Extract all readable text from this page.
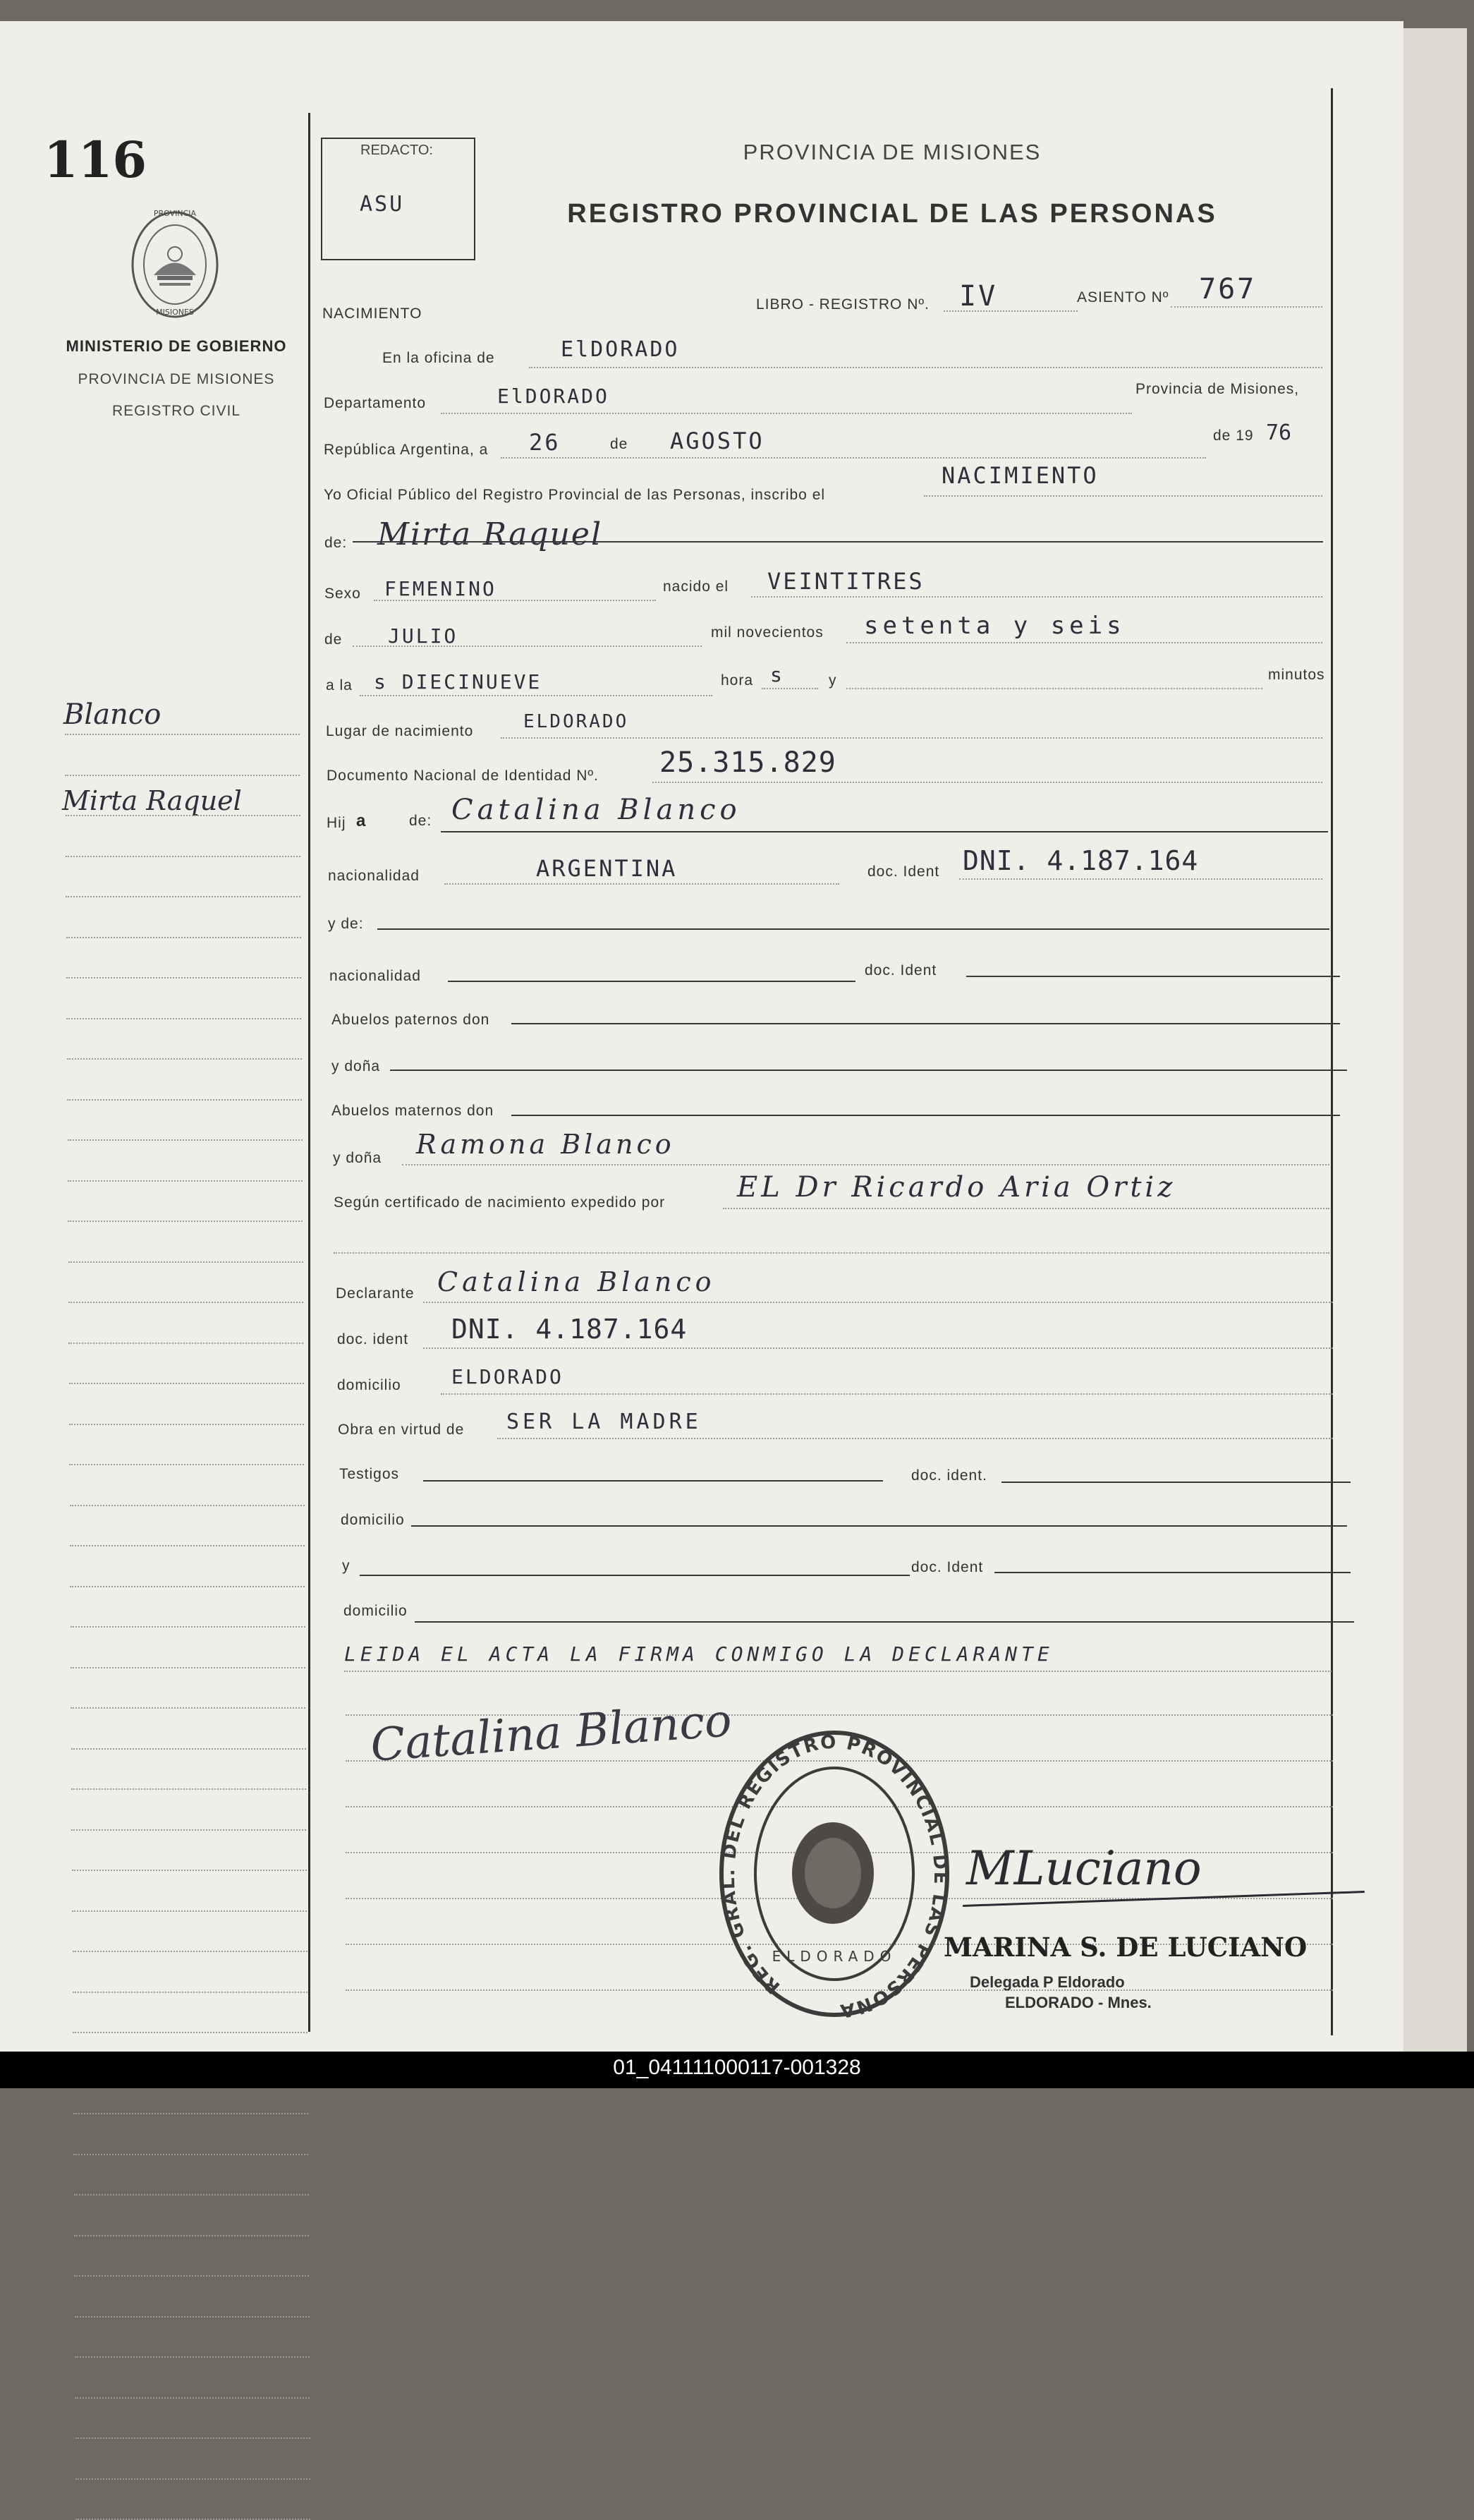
116
PROVINCIA
MISIONES
MINISTERIO DE GOBIERNO
PROVINCIA DE MISIONES
REGISTRO CIVIL
REDACTO:
ASU
PROVINCIA DE MISIONES
REGISTRO PROVINCIAL DE LAS PERSONAS
Blanco
Mirta Raquel
NACIMIENTO
LIBRO - REGISTRO Nº. IV	ASIENTO Nº 767
En la oficina de	ElDORADO
Departamento	ElDORADO	Provincia de Misiones,
República Argentina, a 26	de AGOSTO	de 19 76
Yo Oficial Público del Registro Provincial de las Personas, inscribo el
NACIMIENTO
de: Mirta Raquel
Sexo FEMENINO	nacido el VEINTITRES
de JULIO	mil novecientos setenta y seis
a la s DIECINUEVE	hora s	y	minutos
Lugar de nacimiento	ELDORADO
Documento Nacional de Identidad Nº. 25.315.829
Hij a	de: Catalina Blanco
nacionalidad	ARGENTINA	doc. Ident DNI. 4.187.164
y de:
nacionalidad	doc. Ident
Abuelos paternos don
y doña
Abuelos maternos don
y doña Ramona Blanco
Según certificado de nacimiento expedido por	EL Dr Ricardo Aria Ortiz
Declarante Catalina Blanco
doc. ident DNI. 4.187.164
domicilio	ELDORADO
Obra en virtud de SER LA MADRE
Testigos	doc. ident.
domicilio
y	doc. Ident
domicilio
LEIDA EL ACTA LA FIRMA CONMIGO LA DECLARANTE
Catalina Blanco
REG. GRAL. DEL REGISTRO PROVINCIAL DE LAS PERSONA
ELDORADO
MLuciano
MARINA S. DE LUCIANO
Delegada P Eldorado
ELDORADO - Mnes.
01_041111000117-001328
